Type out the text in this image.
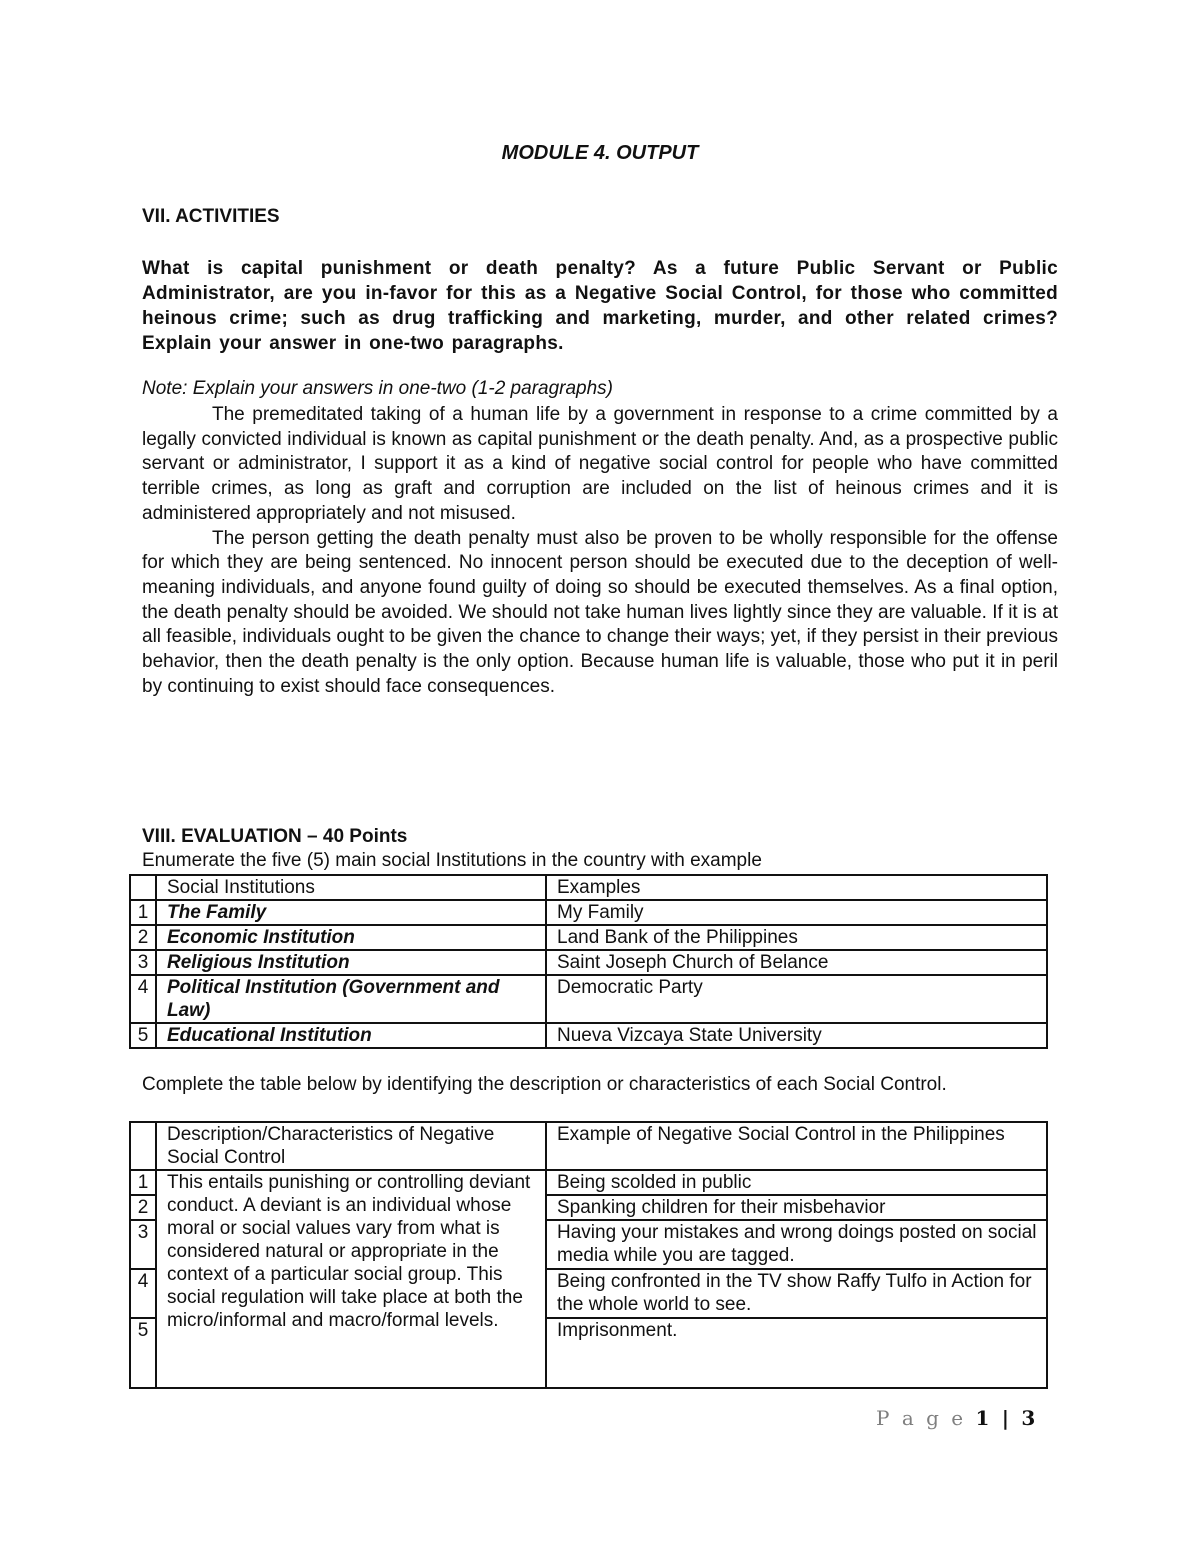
MODULE 4. OUTPUT
VII. ACTIVITIES
What is capital punishment or death penalty? As a future Public Servant or Public Administrator, are you in-favor for this as a Negative Social Control, for those who committed heinous crime; such as drug trafficking and marketing, murder, and other related crimes? Explain your answer in one-two paragraphs.
Note: Explain your answers in one-two (1-2 paragraphs)

The premeditated taking of a human life by a government in response to a crime committed by a legally convicted individual is known as capital punishment or the death penalty. And, as a prospective public servant or administrator, I support it as a kind of negative social control for people who have committed terrible crimes, as long as graft and corruption are included on the list of heinous crimes and it is administered appropriately and not misused.

The person getting the death penalty must also be proven to be wholly responsible for the offense for which they are being sentenced. No innocent person should be executed due to the deception of well-meaning individuals, and anyone found guilty of doing so should be executed themselves. As a final option, the death penalty should be avoided. We should not take human lives lightly since they are valuable. If it is at all feasible, individuals ought to be given the chance to change their ways; yet, if they persist in their previous behavior, then the death penalty is the only option. Because human life is valuable, those who put it in peril by continuing to exist should face consequences.

VIII. EVALUATION – 40 Points
Enumerate the five (5) main social Institutions in the country with example
	Social Institutions	Examples
1	The Family	My Family
2	Economic Institution	Land Bank of the Philippines
3	Religious Institution	Saint Joseph Church of Belance
4	Political Institution (Government and Law)	Democratic Party
5	Educational Institution	Nueva Vizcaya State University
Complete the table below by identifying the description or characteristics of each Social Control.
	Description/Characteristics of Negative Social Control	Example of Negative Social Control in the Philippines
1	This entails punishing or controlling deviant conduct. A deviant is an individual whose moral or social values vary from what is considered natural or appropriate in the context of a particular social group. This social regulation will take place at both the micro/informal and macro/formal levels.	Being scolded in public
2		Spanking children for their misbehavior
3		Having your mistakes and wrong doings posted on social media while you are tagged.
4		Being confronted in the TV show Raffy Tulfo in Action for the whole world to see.
5		Imprisonment.
P a g e 1 | 3
